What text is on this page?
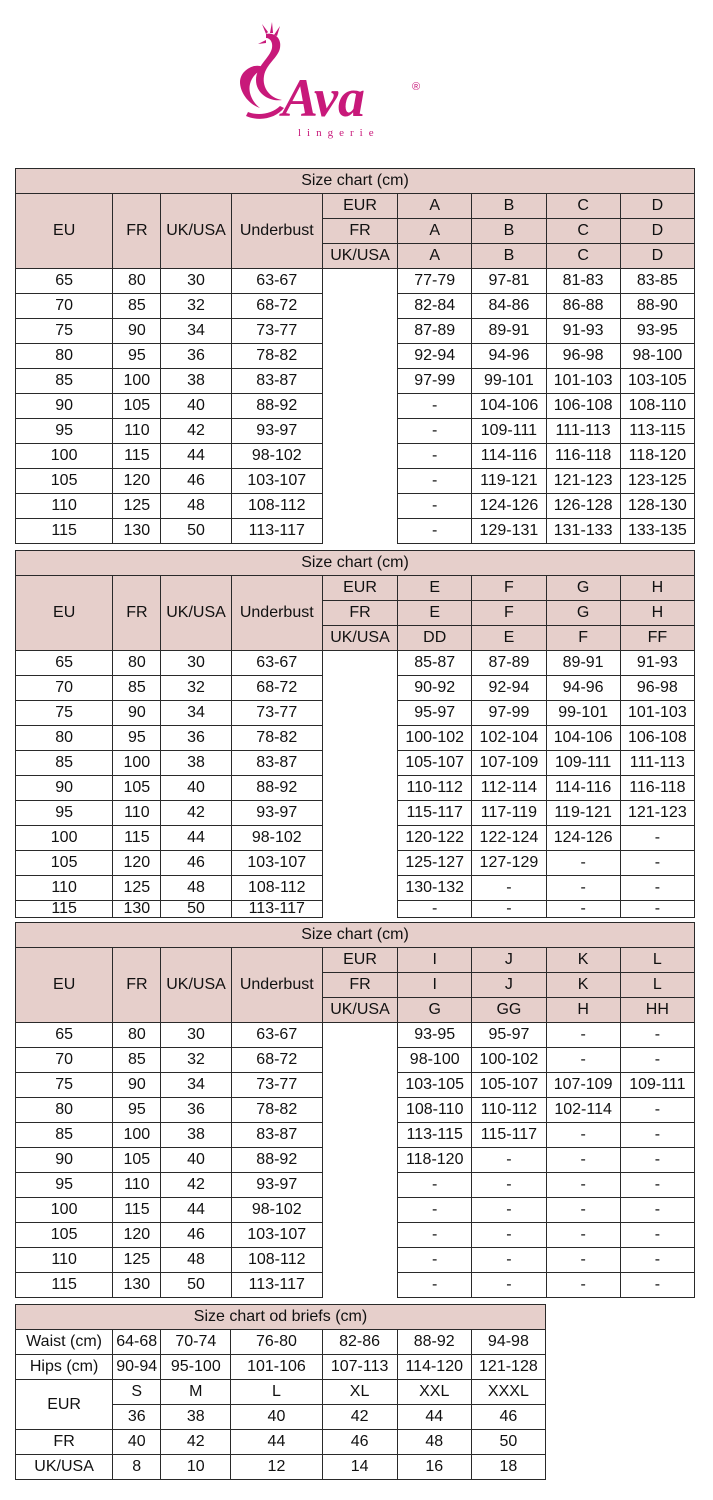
Ava	®
lingerie
Size chart (cm)								
EU	FR	UK/USA	Underbust	EUR	A	B	C	D
				FR	A	B	C	D
				UK/USA	A	B	C	D
65	80	30	63-67		77-79	97-81	81-83	83-85
70	85	32	68-72		82-84	84-86	86-88	88-90
75	90	34	73-77		87-89	89-91	91-93	93-95
80	95	36	78-82		92-94	94-96	96-98	98-100
85	100	38	83-87		97-99	99-101	101-103	103-105
90	105	40	88-92		-	104-106	106-108	108-110
95	110	42	93-97		-	109-111	111-113	113-115
100	115	44	98-102		-	114-116	116-118	118-120
105	120	46	103-107		-	119-121	121-123	123-125
110	125	48	108-112		-	124-126	126-128	128-130
115	130	50	113-117		-	129-131	131-133	133-135
Size chart (cm)								
EU	FR	UK/USA	Underbust	EUR	E	F	G	H
				FR	E	F	G	H
				UK/USA	DD	E	F	FF
65	80	30	63-67		85-87	87-89	89-91	91-93
70	85	32	68-72		90-92	92-94	94-96	96-98
75	90	34	73-77		95-97	97-99	99-101	101-103
80	95	36	78-82		100-102	102-104	104-106	106-108
85	100	38	83-87		105-107	107-109	109-111	111-113
90	105	40	88-92		110-112	112-114	114-116	116-118
95	110	42	93-97		115-117	117-119	119-121	121-123
100	115	44	98-102		120-122	122-124	124-126	-
105	120	46	103-107		125-127	127-129	-	-
110	125	48	108-112		130-132	-	-	-
115	130	50	113-117		-	-	-	-
Size chart (cm)								
EU	FR	UK/USA	Underbust	EUR	I	J	K	L
				FR	I	J	K	L
				UK/USA	G	GG	H	HH
65	80	30	63-67		93-95	95-97	-	-
70	85	32	68-72		98-100	100-102	-	-
75	90	34	73-77		103-105	105-107	107-109	109-111
80	95	36	78-82		108-110	110-112	102-114	-
85	100	38	83-87		113-115	115-117	-	-
90	105	40	88-92		118-120	-	-	-
95	110	42	93-97		-	-	-	-
100	115	44	98-102		-	-	-	-
105	120	46	103-107		-	-	-	-
110	125	48	108-112		-	-	-	-
115	130	50	113-117		-	-	-	-
Size chart od briefs (cm)						
Waist (cm)	64-68	70-74	76-80	82-86	88-92	94-98
Hips (cm)	90-94	95-100	101-106	107-113	114-120	121-128
EUR	S	M	L	XL	XXL	XXXL
	36	38	40	42	44	46
FR	40	42	44	46	48	50
UK/USA	8	10	12	14	16	18
